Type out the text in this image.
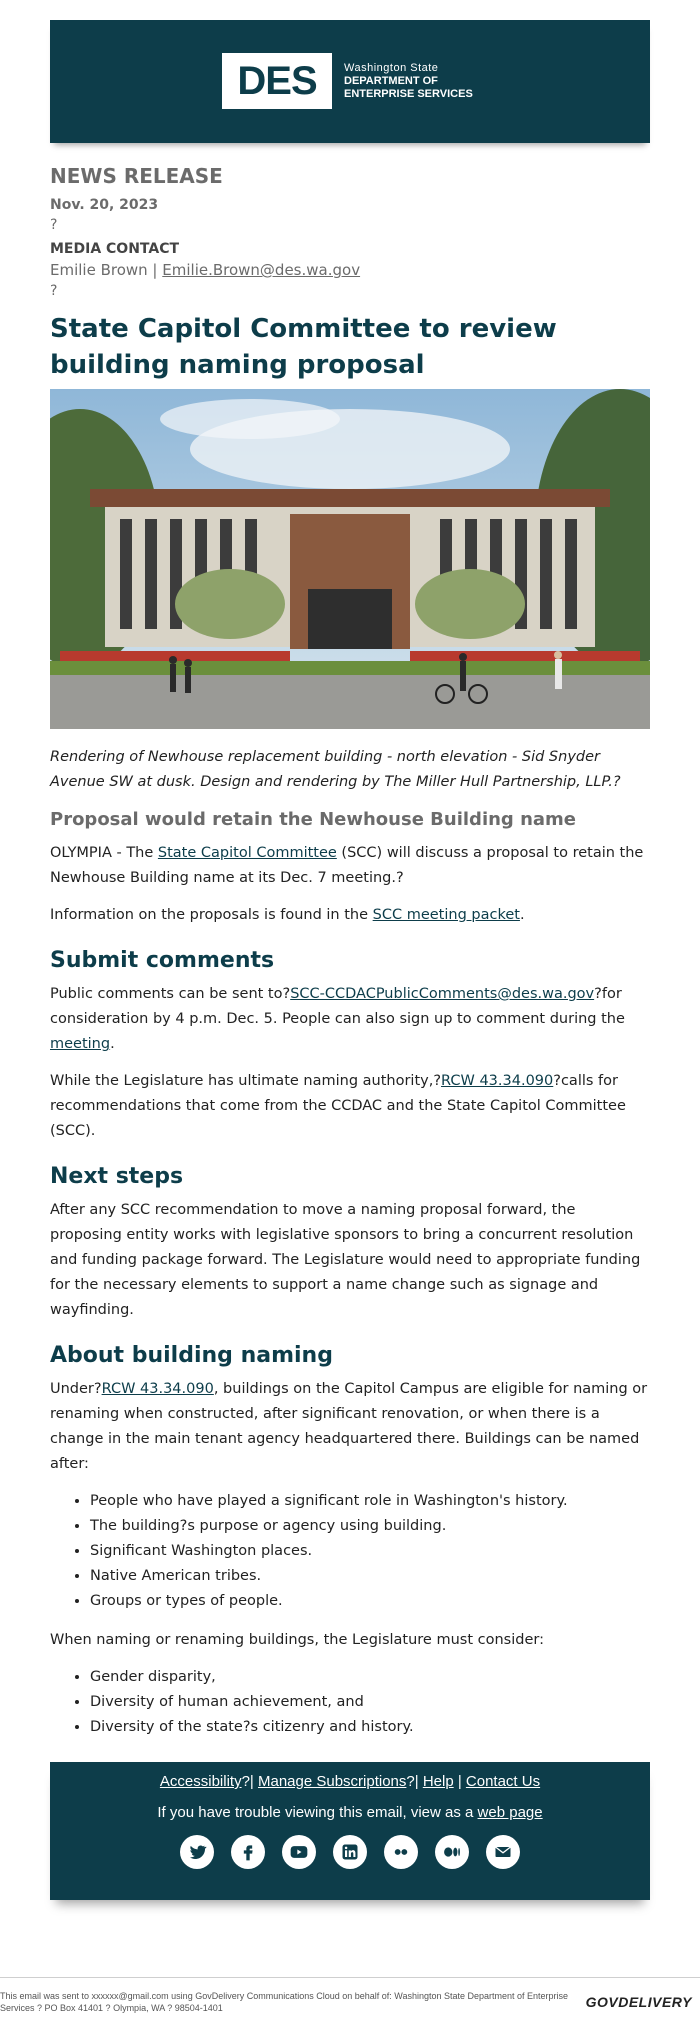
DES	Washington State
DEPARTMENT OF
ENTERPRISE SERVICES
NEWS RELEASE
Nov. 20, 2023
?
MEDIA CONTACT
Emilie Brown | Emilie.Brown@des.wa.gov
?
State Capitol Committee to review building naming proposal

Rendering of Newhouse replacement building - north elevation - Sid Snyder Avenue SW at dusk. Design and rendering by The Miller Hull Partnership, LLP.?

Proposal would retain the Newhouse Building name

OLYMPIA - The State Capitol Committee (SCC) will discuss a proposal to retain the Newhouse Building name at its Dec. 7 meeting.?

Information on the proposals is found in the SCC meeting packet.

Submit comments

Public comments can be sent to?SCC-CCDACPublicComments@des.wa.gov?for consideration by 4 p.m. Dec. 5. People can also sign up to comment during the meeting.

While the Legislature has ultimate naming authority,?RCW 43.34.090?calls for recommendations that come from the CCDAC and the State Capitol Committee (SCC).

Next steps

After any SCC recommendation to move a naming proposal forward, the proposing entity works with legislative sponsors to bring a concurrent resolution and funding package forward. The Legislature would need to appropriate funding for the necessary elements to support a name change such as signage and wayfinding.

About building naming

Under?RCW 43.34.090, buildings on the Capitol Campus are eligible for naming or renaming when constructed, after significant renovation, or when there is a change in the main tenant agency headquartered there. Buildings can be named after:

• People who have played a significant role in Washington's history.
• The building?s purpose or agency using building.
• Significant Washington places.
• Native American tribes.
• Groups or types of people.

When naming or renaming buildings, the Legislature must consider:

• Gender disparity,
• Diversity of human achievement, and
• Diversity of the state?s citizenry and history.
Accessibility?| Manage Subscriptions?| Help | Contact Us
If you have trouble viewing this email, view as a web page
This email was sent to xxxxxx@gmail.com using GovDelivery Communications Cloud on behalf of: Washington State Department of Enterprise Services ? PO Box 41401 ? Olympia, WA ? 98504-1401	GOVDELIVERY
